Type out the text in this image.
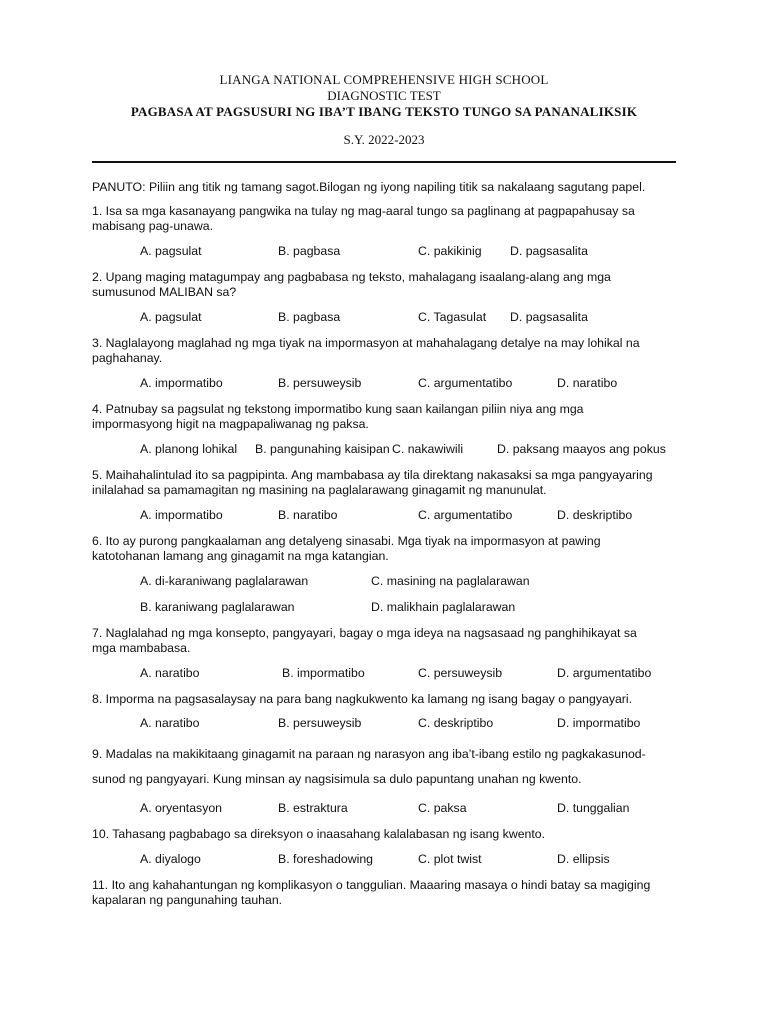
LIANGA NATIONAL COMPREHENSIVE HIGH SCHOOL
DIAGNOSTIC TEST
PAGBASA AT PAGSUSURI NG IBA’T IBANG TEKSTO TUNGO SA PANANALIKSIK
S.Y. 2022-2023

PANUTO: Piliin ang titik ng tamang sagot.Bilogan ng iyong napiling titik sa nakalaang sagutang papel.

1. Isa sa mga kasanayang pangwika na tulay ng mag-aaral tungo sa paglinang at pagpapahusay sa mabisang pag-unawa.
A. pagsulat	B. pagbasa	C. pakikinig D. pagsasalita
2. Upang maging matagumpay ang pagbabasa ng teksto, mahalagang isaalang-alang ang mga sumusunod MALIBAN sa?
A. pagsulat	B. pagbasa	C. Tagasulat D. pagsasalita
3. Naglalayong maglahad ng mga tiyak na impormasyon at mahahalagang detalye na may lohikal na paghahanay.
A. impormatibo	B. persuweysib	C. argumentatibo	D. naratibo
4. Patnubay sa pagsulat ng tekstong impormatibo kung saan kailangan piliin niya ang mga impormasyong higit na magpapaliwanag ng paksa.
A. planong lohikal B. pangunahing kaisipan C. nakawiwili	D. paksang maayos ang pokus
5. Maihahalintulad ito sa pagpipinta. Ang mambabasa ay tila direktang nakasaksi sa mga pangyayaring inilalahad sa pamamagitan ng masining na paglalarawang ginagamit ng manunulat.
A. impormatibo	B. naratibo	C. argumentatibo	D. deskriptibo
6. Ito ay purong pangkaalaman ang detalyeng sinasabi. Mga tiyak na impormasyon at pawing katotohanan lamang ang ginagamit na mga katangian.
A. di-karaniwang paglalarawan	C. masining na paglalarawan
B. karaniwang paglalarawan	D. malikhain paglalarawan
7. Naglalahad ng mga konsepto, pangyayari, bagay o mga ideya na nagsasaad ng panghihikayat sa mga mambabasa.
A. naratibo	B. impormatibo	C. persuweysib	D. argumentatibo
8. Imporma na pagsasalaysay na para bang nagkukwento ka lamang ng isang bagay o pangyayari.
A. naratibo	B. persuweysib	C. deskriptibo	D. impormatibo
9. Madalas na makikitaang ginagamit na paraan ng narasyon ang iba’t-ibang estilo ng pagkakasunod-sunod ng pangyayari. Kung minsan ay nagsisimula sa dulo papuntang unahan ng kwento.
A. oryentasyon	B. estraktura	C. paksa	D. tunggalian
10. Tahasang pagbabago sa direksyon o inaasahang kalalabasan ng isang kwento.
A. diyalogo	B. foreshadowing	C. plot twist	D. ellipsis
11. Ito ang kahahantungan ng komplikasyon o tanggulian. Maaaring masaya o hindi batay sa magiging kapalaran ng pangunahing tauhan.
